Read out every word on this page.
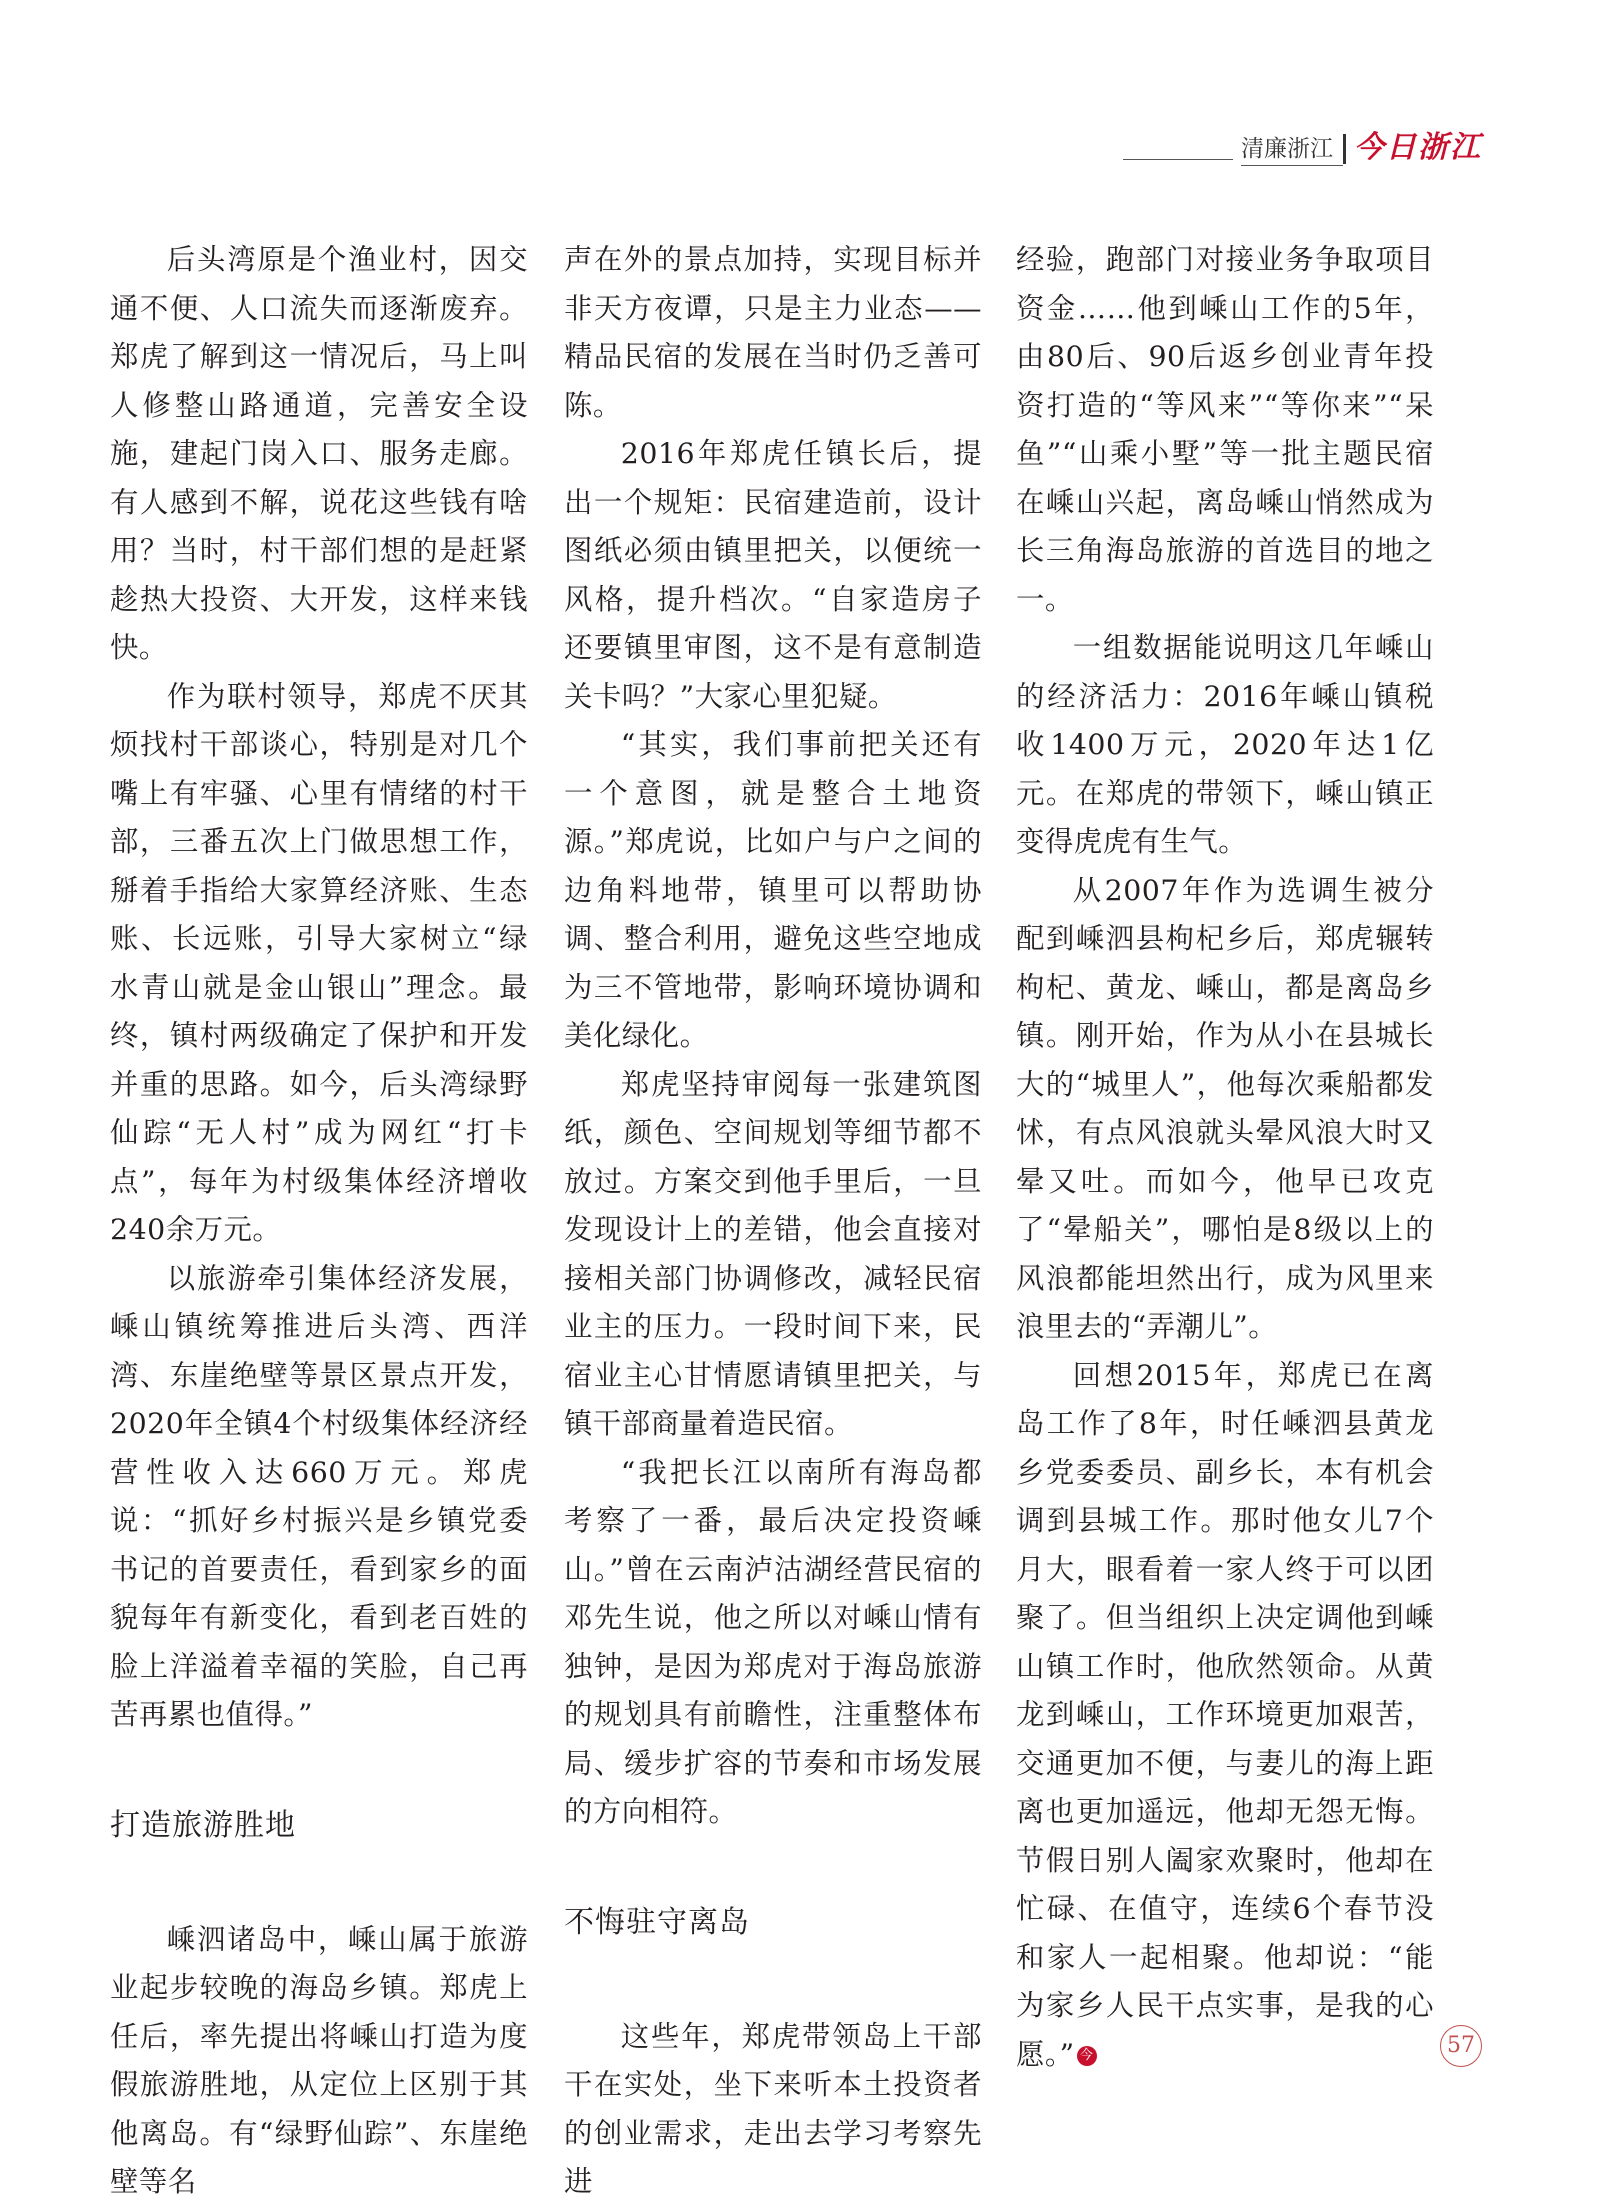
清廉浙江 今日浙江

后头湾原是个渔业村，因交通不便、人口流失而逐渐废弃。郑虎了解到这一情况后，马上叫人修整山路通道，完善安全设施，建起门岗入口、服务走廊。有人感到不解，说花这些钱有啥用？当时，村干部们想的是赶紧趁热大投资、大开发，这样来钱快。

作为联村领导，郑虎不厌其烦找村干部谈心，特别是对几个嘴上有牢骚、心里有情绪的村干部，三番五次上门做思想工作，掰着手指给大家算经济账、生态账、长远账，引导大家树立“绿水青山就是金山银山”理念。最终，镇村两级确定了保护和开发并重的思路。如今，后头湾绿野仙踪“无人村”成为网红“打卡点”，每年为村级集体经济增收240余万元。

以旅游牵引集体经济发展，嵊山镇统筹推进后头湾、西洋湾、东崖绝壁等景区景点开发，2020年全镇4个村级集体经济经营性收入达660万元。郑虎说：“抓好乡村振兴是乡镇党委书记的首要责任，看到家乡的面貌每年有新变化，看到老百姓的脸上洋溢着幸福的笑脸，自己再苦再累也值得。”

打造旅游胜地

嵊泗诸岛中，嵊山属于旅游业起步较晚的海岛乡镇。郑虎上任后，率先提出将嵊山打造为度假旅游胜地，从定位上区别于其他离岛。有“绿野仙踪”、东崖绝壁等名

声在外的景点加持，实现目标并非天方夜谭，只是主力业态——精品民宿的发展在当时仍乏善可陈。

2016年郑虎任镇长后，提出一个规矩：民宿建造前，设计图纸必须由镇里把关，以便统一风格，提升档次。“自家造房子还要镇里审图，这不是有意制造关卡吗？”大家心里犯疑。

“其实，我们事前把关还有一个意图，就是整合土地资源。”郑虎说，比如户与户之间的边角料地带，镇里可以帮助协调、整合利用，避免这些空地成为三不管地带，影响环境协调和美化绿化。

郑虎坚持审阅每一张建筑图纸，颜色、空间规划等细节都不放过。方案交到他手里后，一旦发现设计上的差错，他会直接对接相关部门协调修改，减轻民宿业主的压力。一段时间下来，民宿业主心甘情愿请镇里把关，与镇干部商量着造民宿。

“我把长江以南所有海岛都考察了一番，最后决定投资嵊山。”曾在云南泸沽湖经营民宿的邓先生说，他之所以对嵊山情有独钟，是因为郑虎对于海岛旅游的规划具有前瞻性，注重整体布局、缓步扩容的节奏和市场发展的方向相符。

不悔驻守离岛

这些年，郑虎带领岛上干部干在实处，坐下来听本土投资者的创业需求，走出去学习考察先进

经验，跑部门对接业务争取项目资金……他到嵊山工作的5年，由80后、90后返乡创业青年投资打造的“等风来”“等你来”“呆鱼”“山乘小墅”等一批主题民宿在嵊山兴起，离岛嵊山悄然成为长三角海岛旅游的首选目的地之一。

一组数据能说明这几年嵊山的经济活力：2016年嵊山镇税收1400万元，2020年达1亿元。在郑虎的带领下，嵊山镇正变得虎虎有生气。

从2007年作为选调生被分配到嵊泗县枸杞乡后，郑虎辗转枸杞、黄龙、嵊山，都是离岛乡镇。刚开始，作为从小在县城长大的“城里人”，他每次乘船都发怵，有点风浪就头晕风浪大时又晕又吐。而如今，他早已攻克了“晕船关”，哪怕是8级以上的风浪都能坦然出行，成为风里来浪里去的“弄潮儿”。

回想2015年，郑虎已在离岛工作了8年，时任嵊泗县黄龙乡党委委员、副乡长，本有机会调到县城工作。那时他女儿7个月大，眼看着一家人终于可以团聚了。但当组织上决定调他到嵊山镇工作时，他欣然领命。从黄龙到嵊山，工作环境更加艰苦，交通更加不便，与妻儿的海上距离也更加遥远，他却无怨无悔。节假日别人阖家欢聚时，他却在忙碌、在值守，连续6个春节没和家人一起相聚。他却说：“能为家乡人民干点实事，是我的心愿。” 今	57
